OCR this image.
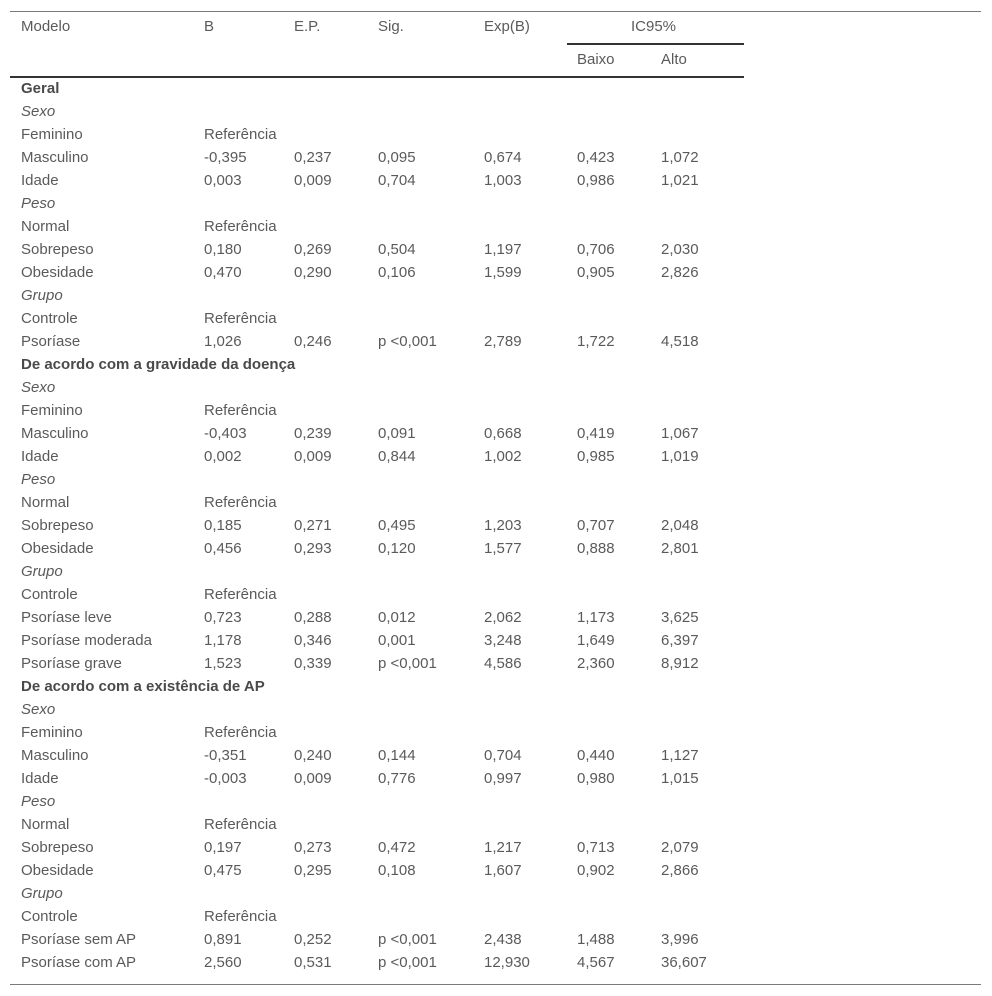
Modelo	B	E.P.	Sig.	Exp(B)	IC95%
Baixo	Alto
Geral
Sexo
Feminino	Referência
Masculino	-0,395	0,237	0,095	0,674	0,423	1,072
Idade	0,003	0,009	0,704	1,003	0,986	1,021
Peso
Normal	Referência
Sobrepeso	0,180	0,269	0,504	1,197	0,706	2,030
Obesidade	0,470	0,290	0,106	1,599	0,905	2,826
Grupo
Controle	Referência
Psoríase	1,026	0,246	p <0,001	2,789	1,722	4,518
De acordo com a gravidade da doença
Sexo
Feminino	Referência
Masculino	-0,403	0,239	0,091	0,668	0,419	1,067
Idade	0,002	0,009	0,844	1,002	0,985	1,019
Peso
Normal	Referência
Sobrepeso	0,185	0,271	0,495	1,203	0,707	2,048
Obesidade	0,456	0,293	0,120	1,577	0,888	2,801
Grupo
Controle	Referência
Psoríase leve	0,723	0,288	0,012	2,062	1,173	3,625
Psoríase moderada	1,178	0,346	0,001	3,248	1,649	6,397
Psoríase grave	1,523	0,339	p <0,001	4,586	2,360	8,912
De acordo com a existência de AP
Sexo
Feminino	Referência
Masculino	-0,351	0,240	0,144	0,704	0,440	1,127
Idade	-0,003	0,009	0,776	0,997	0,980	1,015
Peso
Normal	Referência
Sobrepeso	0,197	0,273	0,472	1,217	0,713	2,079
Obesidade	0,475	0,295	0,108	1,607	0,902	2,866
Grupo
Controle	Referência
Psoríase sem AP	0,891	0,252	p <0,001	2,438	1,488	3,996
Psoríase com AP	2,560	0,531	p <0,001	12,930	4,567	36,607
